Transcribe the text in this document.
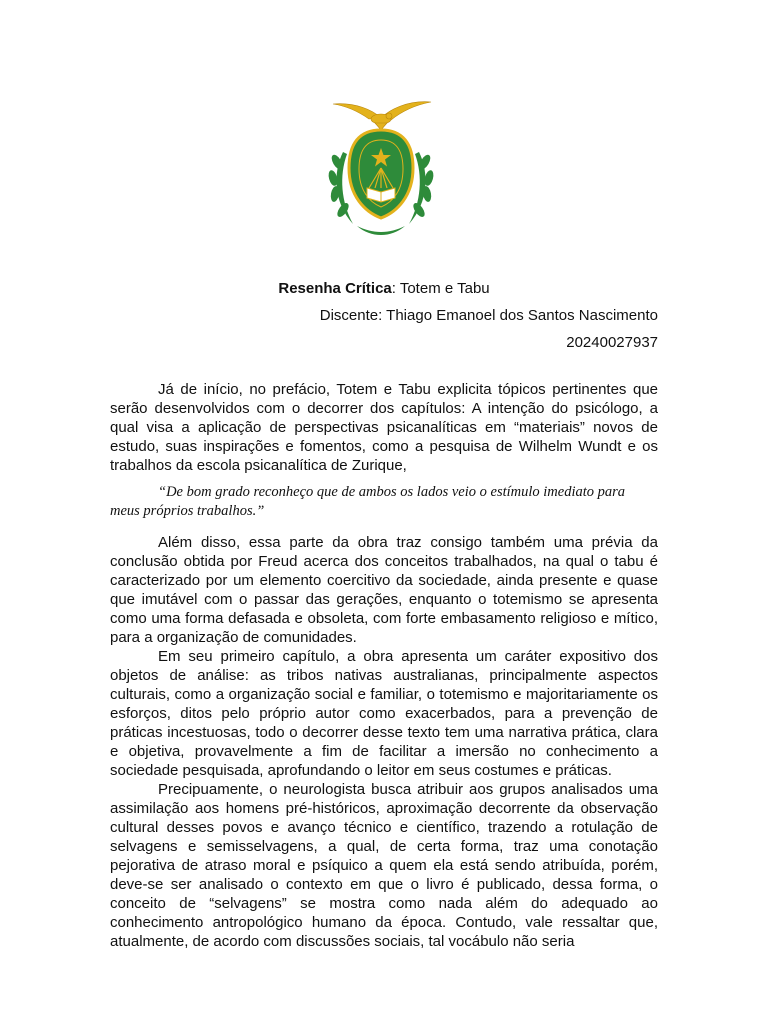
Resenha Crítica: Totem e Tabu
Discente: Thiago Emanoel dos Santos Nascimento
20240027937

Já de início, no prefácio, Totem e Tabu explicita tópicos pertinentes que serão desenvolvidos com o decorrer dos capítulos: A intenção do psicólogo, a qual visa a aplicação de perspectivas psicanalíticas em “materiais” novos de estudo, suas inspirações e fomentos, como a pesquisa de Wilhelm Wundt e os trabalhos da escola psicanalítica de Zurique,

“De bom grado reconheço que de ambos os lados veio o estímulo imediato para meus próprios trabalhos.”

Além disso, essa parte da obra traz consigo também uma prévia da conclusão obtida por Freud acerca dos conceitos trabalhados, na qual o tabu é caracterizado por um elemento coercitivo da sociedade, ainda presente e quase que imutável com o passar das gerações, enquanto o totemismo se apresenta como uma forma defasada e obsoleta, com forte embasamento religioso e mítico, para a organização de comunidades.

Em seu primeiro capítulo, a obra apresenta um caráter expositivo dos objetos de análise: as tribos nativas australianas, principalmente aspectos culturais, como a organização social e familiar, o totemismo e majoritariamente os esforços, ditos pelo próprio autor como exacerbados, para a prevenção de práticas incestuosas, todo o decorrer desse texto tem uma narrativa prática, clara e objetiva, provavelmente a fim de facilitar a imersão no conhecimento a sociedade pesquisada, aprofundando o leitor em seus costumes e práticas.

Precipuamente, o neurologista busca atribuir aos grupos analisados uma assimilação aos homens pré-históricos, aproximação decorrente da observação cultural desses povos e avanço técnico e científico, trazendo a rotulação de selvagens e semisselvagens, a qual, de certa forma, traz uma conotação pejorativa de atraso moral e psíquico a quem ela está sendo atribuída, porém, deve-se ser analisado o contexto em que o livro é publicado, dessa forma, o conceito de “selvagens” se mostra como nada além do adequado ao conhecimento antropológico humano da época. Contudo, vale ressaltar que, atualmente, de acordo com discussões sociais, tal vocábulo não seria
